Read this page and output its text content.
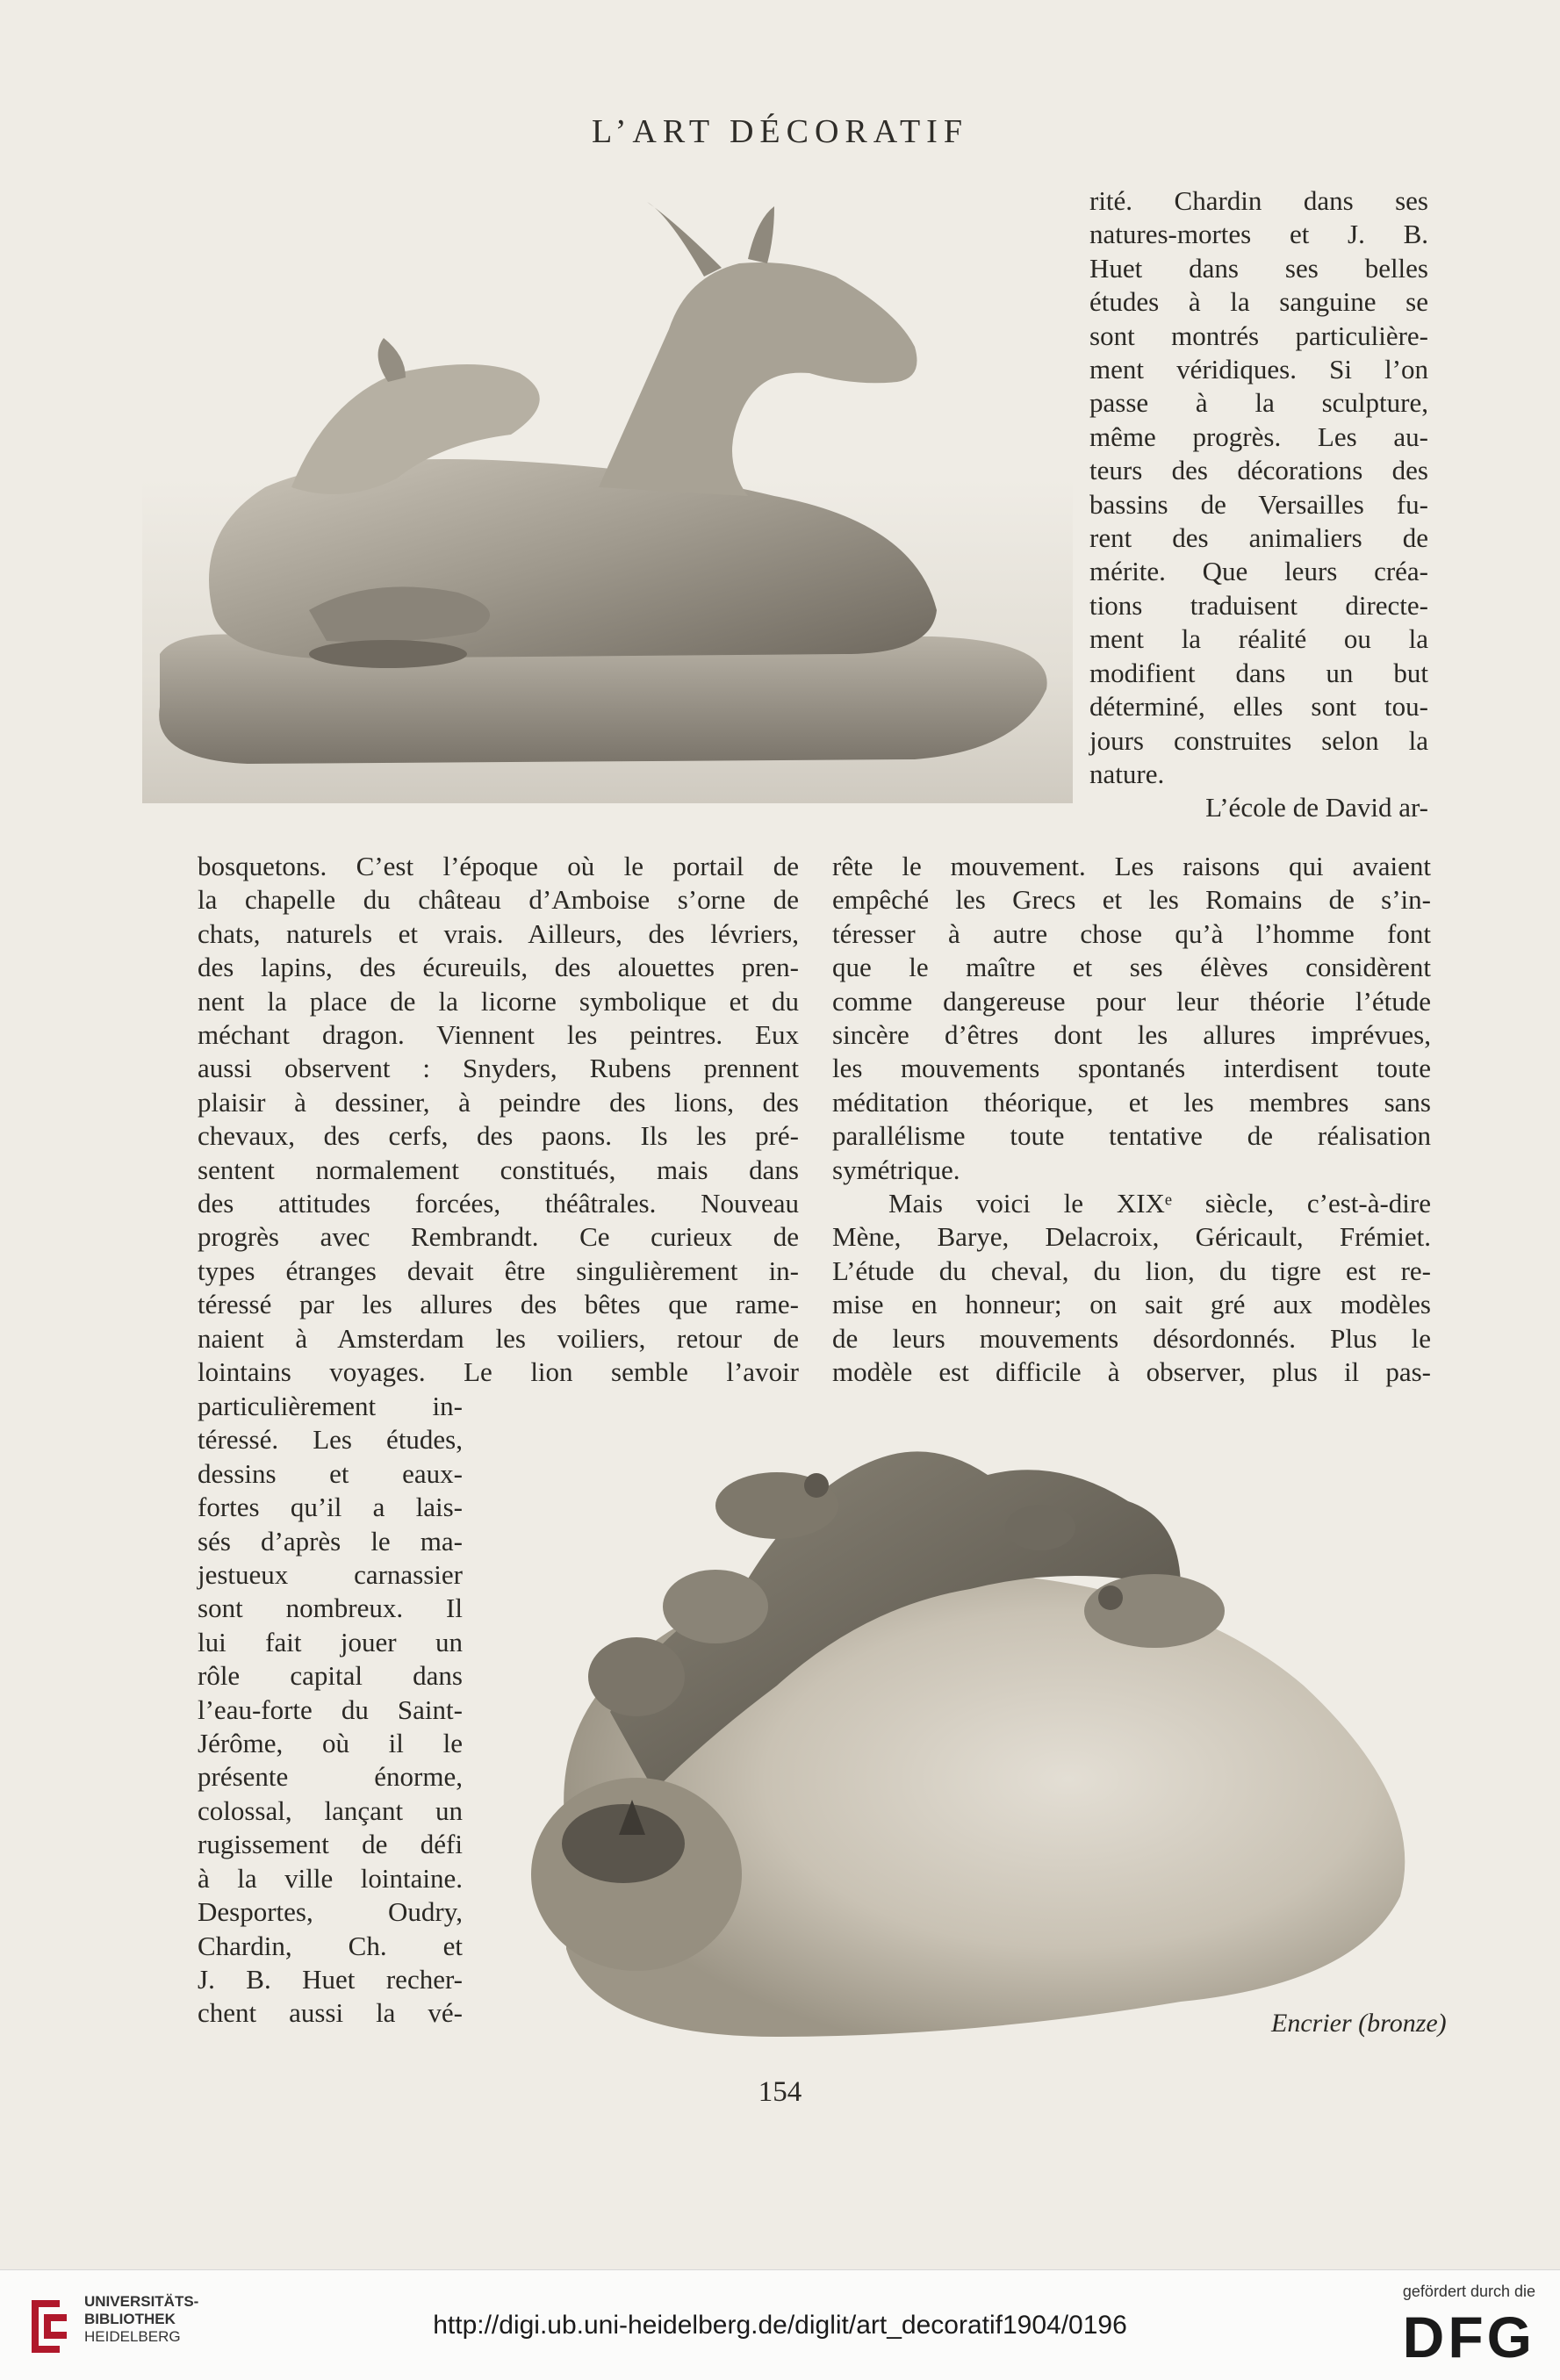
L’ART DÉCORATIF

rité. Chardin dans ses

natures-mortes et J. B.

Huet dans ses belles

études à la sanguine se

sont montrés particulière-

ment véridiques. Si l’on

passe à la sculpture,

même progrès. Les au-

teurs des décorations des

bassins de Versailles fu-

rent des animaliers de

mérite. Que leurs créa-

tions traduisent directe-

ment la réalité ou la

modifient dans un but

déterminé, elles sont tou-

jours construites selon la

nature.

L’école de David ar-

bosquetons. C’est l’époque où le portail de

la chapelle du château d’Amboise s’orne de

chats, naturels et vrais. Ailleurs, des lévriers,

des lapins, des écureuils, des alouettes pren-

nent la place de la licorne symbolique et du

méchant dragon. Viennent les peintres. Eux

aussi observent : Snyders, Rubens prennent

plaisir à dessiner, à peindre des lions, des

chevaux, des cerfs, des paons. Ils les pré-

sentent normalement constitués, mais dans

des attitudes forcées, théâtrales. Nouveau

progrès avec Rembrandt. Ce curieux de

types étranges devait être singulièrement in-

téressé par les allures des bêtes que rame-

naient à Amsterdam les voiliers, retour de

lointains voyages. Le lion semble l’avoir

particulièrement in-

téressé. Les études,

dessins et eaux-

fortes qu’il a lais-

sés d’après le ma-

jestueux carnassier

sont nombreux. Il

lui fait jouer un

rôle capital dans

l’eau-forte du Saint-

Jérôme, où il le

présente énorme,

colossal, lançant un

rugissement de défi

à la ville lointaine.

Desportes, Oudry,

Chardin, Ch. et

J. B. Huet recher-

chent aussi la vé-

rête le mouvement. Les raisons qui avaient

empêché les Grecs et les Romains de s’in-

téresser à autre chose qu’à l’homme font

que le maître et ses élèves considèrent

comme dangereuse pour leur théorie l’étude

sincère d’êtres dont les allures imprévues,

les mouvements spontanés interdisent toute

méditation théorique, et les membres sans

parallélisme toute tentative de réalisation

symétrique.

Mais voici le XIXᵉ siècle, c’est-à-dire

Mène, Barye, Delacroix, Géricault, Frémiet.

L’étude du cheval, du lion, du tigre est re-

mise en honneur; on sait gré aux modèles

de leurs mouvements désordonnés. Plus le

modèle est difficile à observer, plus il pas-

Encrier (bronze)
154
UNIVERSITÄTS-
BIBLIOTHEK
HEIDELBERG	http://digi.ub.uni-heidelberg.de/diglit/art_decoratif1904/0196
gefördert durch die
DFG
